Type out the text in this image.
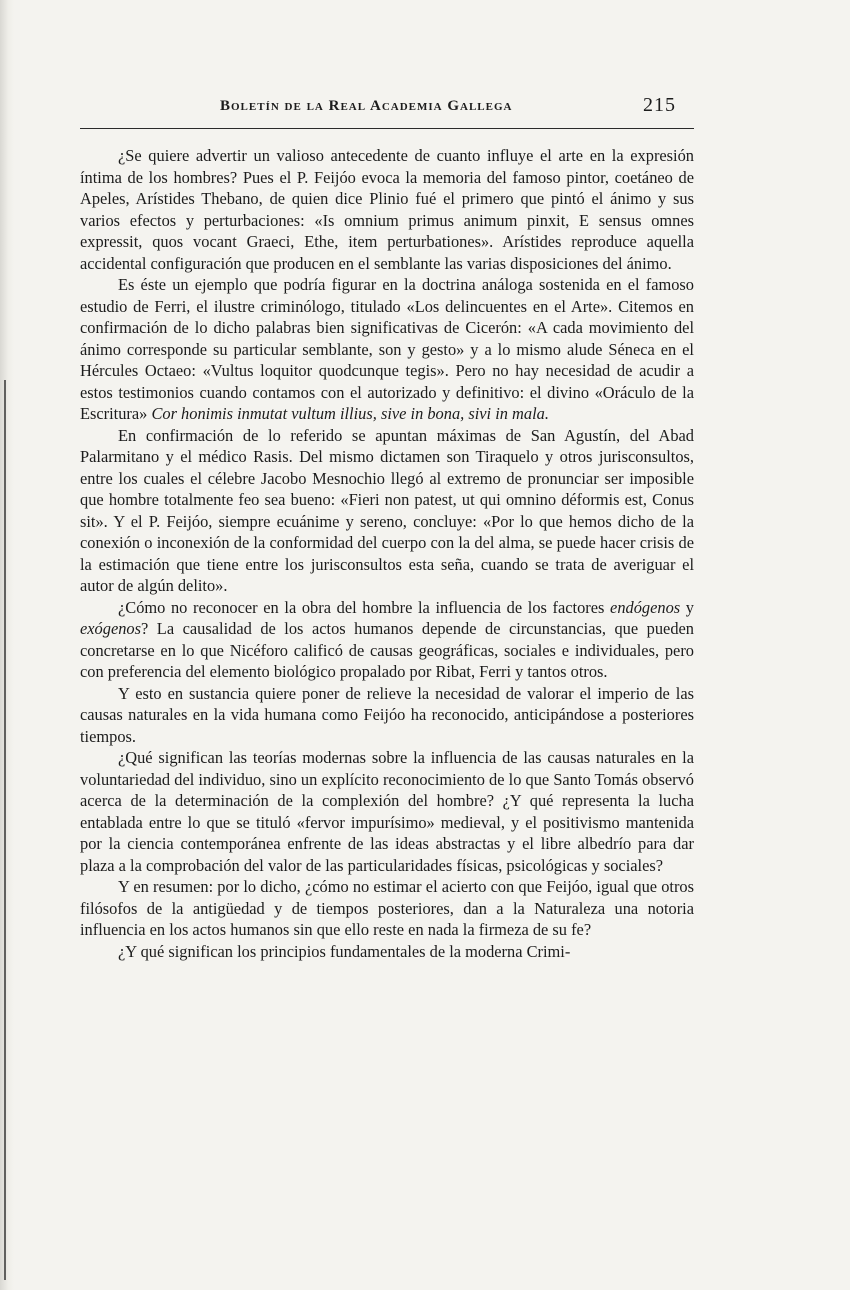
Boletín de la Real Academia Gallega	215

¿Se quiere advertir un valioso antecedente de cuanto influye el arte en la expresión íntima de los hombres? Pues el P. Feijóo evoca la memoria del famoso pintor, coetáneo de Apeles, Arístides Thebano, de quien dice Plinio fué el primero que pintó el ánimo y sus varios efectos y perturbaciones: «Is omnium primus animum pinxit, E sensus omnes expressit, quos vocant Graeci, Ethe, item perturbationes». Arístides reproduce aquella accidental configuración que producen en el semblante las varias disposiciones del ánimo.

Es éste un ejemplo que podría figurar en la doctrina análoga sostenida en el famoso estudio de Ferri, el ilustre criminólogo, titulado «Los delincuentes en el Arte». Citemos en confirmación de lo dicho palabras bien significativas de Cicerón: «A cada movimiento del ánimo corresponde su particular semblante, son y gesto» y a lo mismo alude Séneca en el Hércules Octaeo: «Vultus loquitor quodcunque tegis». Pero no hay necesidad de acudir a estos testimonios cuando contamos con el autorizado y definitivo: el divino «Oráculo de la Escritura» Cor honimis inmutat vultum illius, sive in bona, sivi in mala.

En confirmación de lo referido se apuntan máximas de San Agustín, del Abad Palarmitano y el médico Rasis. Del mismo dictamen son Tiraquelo y otros jurisconsultos, entre los cuales el célebre Jacobo Mesnochio llegó al extremo de pronunciar ser imposible que hombre totalmente feo sea bueno: «Fieri non patest, ut qui omnino déformis est, Conus sit». Y el P. Feijóo, siempre ecuánime y sereno, concluye: «Por lo que hemos dicho de la conexión o inconexión de la conformidad del cuerpo con la del alma, se puede hacer crisis de la estimación que tiene entre los jurisconsultos esta seña, cuando se trata de averiguar el autor de algún delito».

¿Cómo no reconocer en la obra del hombre la influencia de los factores endógenos y exógenos? La causalidad de los actos humanos depende de circunstancias, que pueden concretarse en lo que Nicéforo calificó de causas geográficas, sociales e individuales, pero con preferencia del elemento biológico propalado por Ribat, Ferri y tantos otros.

Y esto en sustancia quiere poner de relieve la necesidad de valorar el imperio de las causas naturales en la vida humana como Feijóo ha reconocido, anticipándose a posteriores tiempos.

¿Qué significan las teorías modernas sobre la influencia de las causas naturales en la voluntariedad del individuo, sino un explícito reconocimiento de lo que Santo Tomás observó acerca de la determinación de la complexión del hombre? ¿Y qué representa la lucha entablada entre lo que se tituló «fervor impurísimo» medieval, y el positivismo mantenida por la ciencia contemporánea enfrente de las ideas abstractas y el libre albedrío para dar plaza a la comprobación del valor de las particularidades físicas, psicológicas y sociales?

Y en resumen: por lo dicho, ¿cómo no estimar el acierto con que Feijóo, igual que otros filósofos de la antigüedad y de tiempos posteriores, dan a la Naturaleza una notoria influencia en los actos humanos sin que ello reste en nada la firmeza de su fe?

¿Y qué significan los principios fundamentales de la moderna Crimi-
